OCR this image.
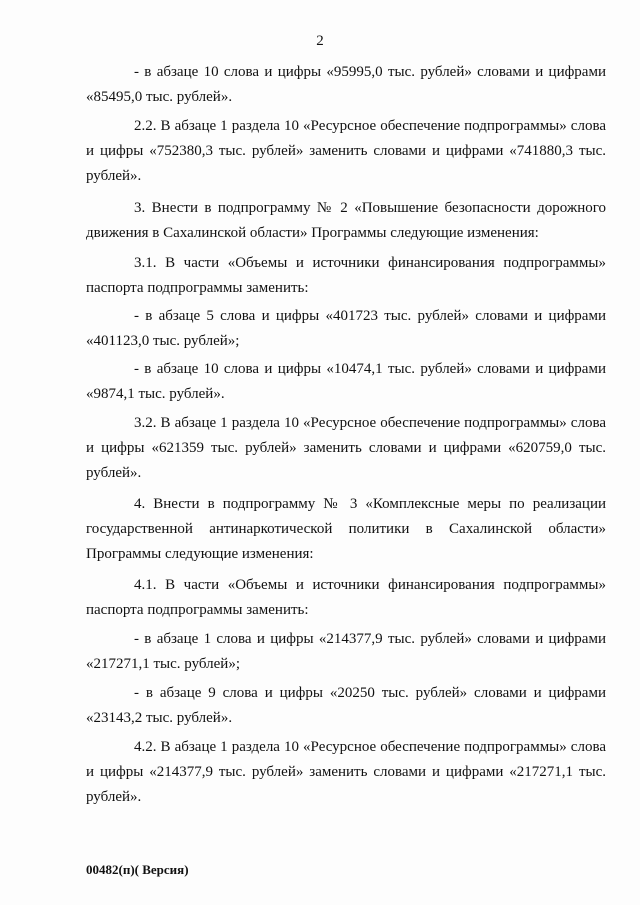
2
- в абзаце 10 слова и цифры «95995,0 тыс. рублей» словами и цифрами «85495,0 тыс. рублей».
2.2. В абзаце 1 раздела 10 «Ресурсное обеспечение подпрограммы» слова и цифры «752380,3 тыс. рублей» заменить словами и цифрами «741880,3 тыс. рублей».
3. Внести в подпрограмму № 2 «Повышение безопасности дорожного движения в Сахалинской области» Программы следующие изменения:
3.1. В части «Объемы и источники финансирования подпрограммы» паспорта подпрограммы заменить:
- в абзаце 5 слова и цифры «401723 тыс. рублей» словами и цифрами «401123,0 тыс. рублей»;
- в абзаце 10 слова и цифры «10474,1 тыс. рублей» словами и цифрами «9874,1 тыс. рублей».
3.2. В абзаце 1 раздела 10 «Ресурсное обеспечение подпрограммы» слова и цифры «621359 тыс. рублей» заменить словами и цифрами «620759,0 тыс. рублей».
4. Внести в подпрограмму № 3 «Комплексные меры по реализации государственной антинаркотической политики в Сахалинской области» Программы следующие изменения:
4.1. В части «Объемы и источники финансирования подпрограммы» паспорта подпрограммы заменить:
- в абзаце 1 слова и цифры «214377,9 тыс. рублей» словами и цифрами «217271,1 тыс. рублей»;
- в абзаце 9 слова и цифры «20250 тыс. рублей» словами и цифрами «23143,2 тыс. рублей».
4.2. В абзаце 1 раздела 10 «Ресурсное обеспечение подпрограммы» слова и цифры «214377,9 тыс. рублей» заменить словами и цифрами «217271,1 тыс. рублей».
00482(п)( Версия)
